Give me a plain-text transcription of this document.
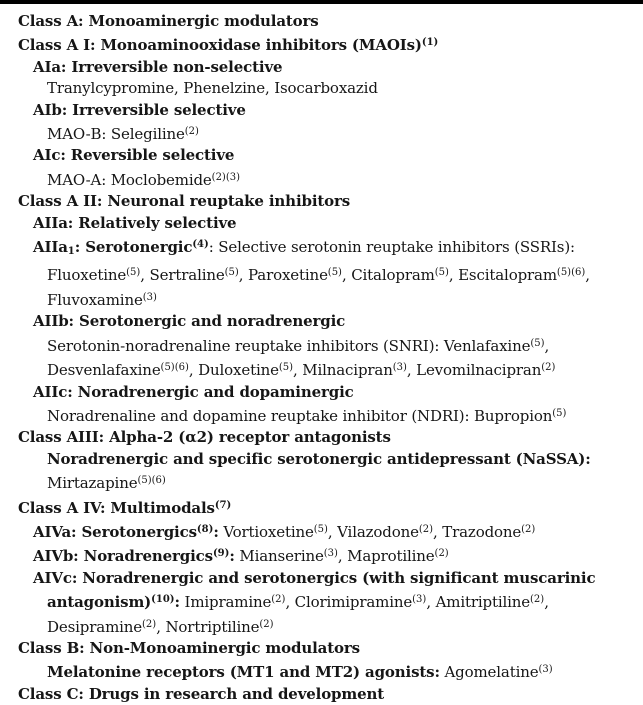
Class A: Monoaminergic modulators
Class A I: Monoaminooxidase inhibitors (MAOIs)$^{(1)}$
AIa: Irreversible non-selective
Tranylcypromine, Phenelzine, Isocarboxazid
AIb: Irreversible selective
MAO-B: Selegiline$^{(2)}$
AIc: Reversible selective
MAO-A: Moclobemide$^{(2)(3)}$
Class A II: Neuronal reuptake inhibitors
AIIa: Relatively selective
AIIa1: Serotonergic$^{(4)}$: Selective serotonin reuptake inhibitors (SSRIs):
Fluoxetine$^{(5)}$, Sertraline$^{(5)}$, Paroxetine$^{(5)}$, Citalopram$^{(5)}$, Escitalopram$^{(5)(6)}$,
Fluvoxamine$^{(3)}$
AIIb: Serotonergic and noradrenergic
Serotonin-noradrenaline reuptake inhibitors (SNRI): Venlafaxine$^{(5)}$,
Desvenlafaxine$^{(5)(6)}$, Duloxetine$^{(5)}$, Milnacipran$^{(3)}$, Levomilnacipran$^{(2)}$
AIIc: Noradrenergic and dopaminergic
Noradrenaline and dopamine reuptake inhibitor (NDRI): Bupropion$^{(5)}$
Class AIII: Alpha-2 (α2) receptor antagonists
Noradrenergic and specific serotonergic antidepressant (NaSSA):
Mirtazapine$^{(5)(6)}$
Class A IV: Multimodals$^{(7)}$
AIVa: Serotonergics$^{(8)}$: Vortioxetine$^{(5)}$, Vilazodone$^{(2)}$, Trazodone$^{(2)}$
AIVb: Noradrenergics$^{(9)}$: Mianserine$^{(3)}$, Maprotiline$^{(2)}$
AIVc: Noradrenergic and serotonergics (with significant muscarinic
antagonism)$^{(10)}$: Imipramine$^{(2)}$, Clorimipramine$^{(3)}$, Amitriptiline$^{(2)}$,
Desipramine$^{(2)}$, Nortriptiline$^{(2)}$
Class B: Non-Monoaminergic modulators
Melatonine receptors (MT1 and MT2) agonists: Agomelatine$^{(3)}$
Class C: Drugs in research and development
